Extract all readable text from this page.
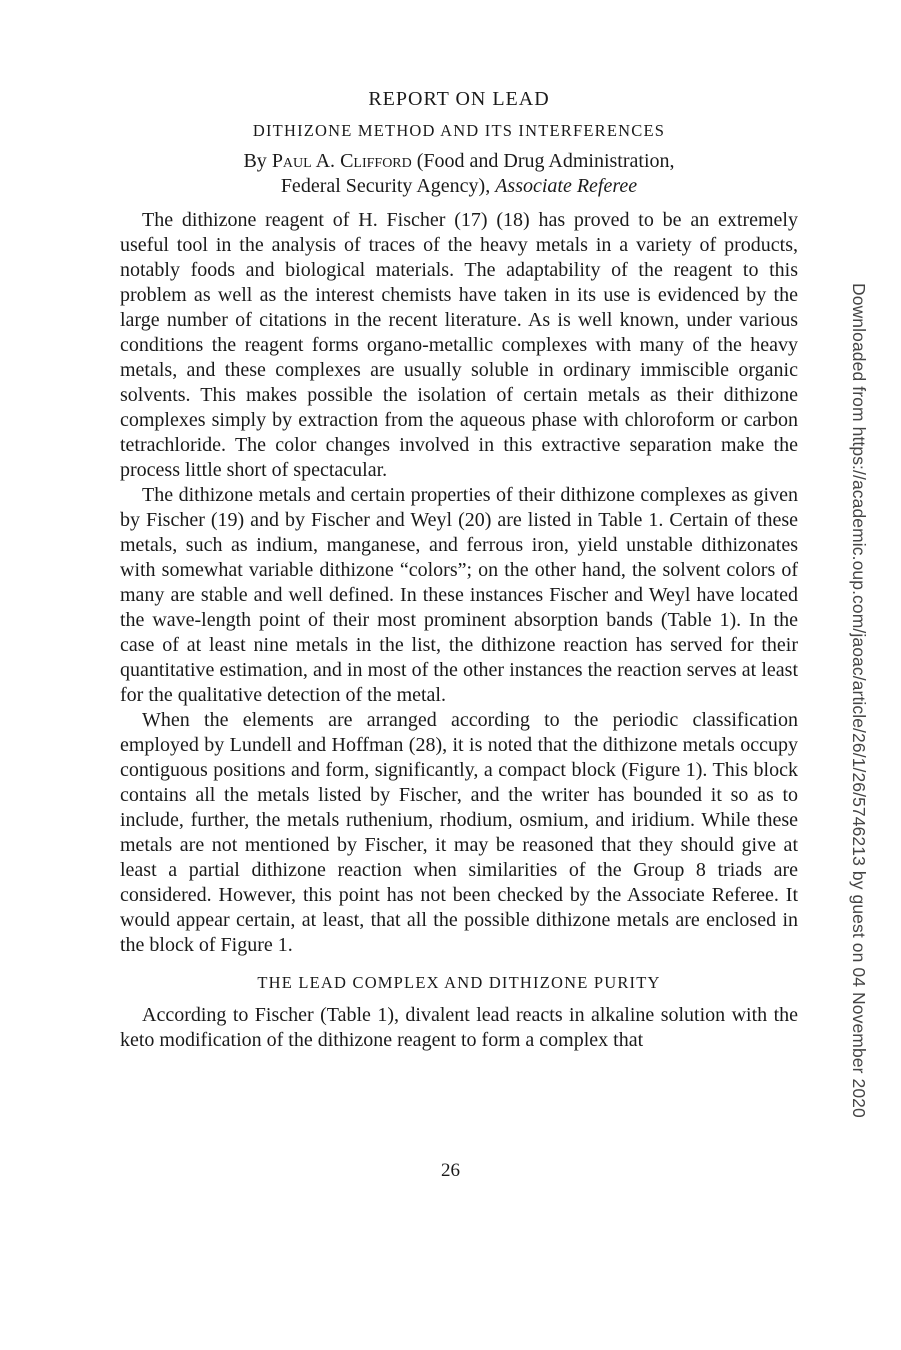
REPORT ON LEAD
DITHIZONE METHOD AND ITS INTERFERENCES
By Paul A. Clifford (Food and Drug Administration,
Federal Security Agency), Associate Referee

The dithizone reagent of H. Fischer (17) (18) has proved to be an extremely useful tool in the analysis of traces of the heavy metals in a variety of products, notably foods and biological materials. The adaptability of the reagent to this problem as well as the interest chemists have taken in its use is evidenced by the large number of citations in the recent literature. As is well known, under various conditions the reagent forms organo-metallic complexes with many of the heavy metals, and these complexes are usually soluble in ordinary immiscible organic solvents. This makes possible the isolation of certain metals as their dithizone complexes simply by extraction from the aqueous phase with chloroform or carbon tetrachloride. The color changes involved in this extractive separation make the process little short of spectacular.

The dithizone metals and certain properties of their dithizone complexes as given by Fischer (19) and by Fischer and Weyl (20) are listed in Table 1. Certain of these metals, such as indium, manganese, and ferrous iron, yield unstable dithizonates with somewhat variable dithizone “colors”; on the other hand, the solvent colors of many are stable and well defined. In these instances Fischer and Weyl have located the wave-length point of their most prominent absorption bands (Table 1). In the case of at least nine metals in the list, the dithizone reaction has served for their quantitative estimation, and in most of the other instances the reaction serves at least for the qualitative detection of the metal.

When the elements are arranged according to the periodic classification employed by Lundell and Hoffman (28), it is noted that the dithizone metals occupy contiguous positions and form, significantly, a compact block (Figure 1). This block contains all the metals listed by Fischer, and the writer has bounded it so as to include, further, the metals ruthenium, rhodium, osmium, and iridium. While these metals are not mentioned by Fischer, it may be reasoned that they should give at least a partial dithizone reaction when similarities of the Group 8 triads are considered. However, this point has not been checked by the Associate Referee. It would appear certain, at least, that all the possible dithizone metals are enclosed in the block of Figure 1.

THE LEAD COMPLEX AND DITHIZONE PURITY

According to Fischer (Table 1), divalent lead reacts in alkaline solution with the keto modification of the dithizone reagent to form a complex that

26
Downloaded from https://academic.oup.com/jaoac/article/26/1/26/5746213 by guest on 04 November 2020
